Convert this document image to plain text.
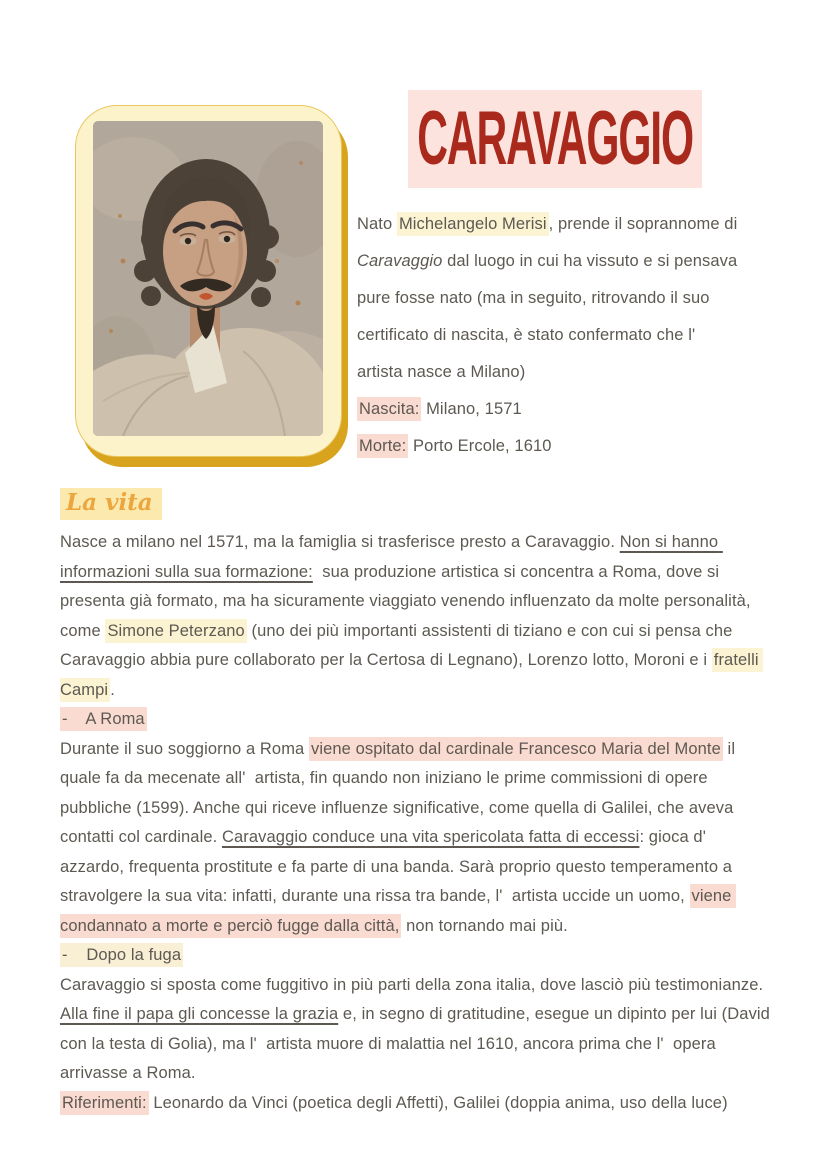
CARAVAGGIO

Nato Michelangelo Merisi , prende il soprannome di Caravaggio dal luogo in cui ha vissuto e si pensava pure fosse nato (ma in seguito, ritrovando il suo certificato di nascita, è stato confermato che l'  artista nasce a Milano)

Nascita: Milano, 1571

Morte: Porto Ercole, 1610

La vita

Nasce a milano nel 1571, ma la famiglia si trasferisce presto a Caravaggio. Non si hanno informazioni sulla sua formazione:  sua produzione artistica si concentra a Roma, dove si presenta già formato, ma ha sicuramente viaggiato venendo influenzato da molte personalità, come Simone Peterzano (uno dei più importanti assistenti di tiziano e con cui si pensa che Caravaggio abbia pure collaborato per la Certosa di Legnano), Lorenzo lotto, Moroni e i fratelli Campi .

-    A Roma

Durante il suo soggiorno a Roma viene ospitato dal cardinale Francesco Maria del Monte il quale fa da mecenate all'  artista, fin quando non iniziano le prime commissioni di opere pubbliche (1599). Anche qui riceve influenze significative, come quella di Galilei, che aveva contatti col cardinale. Caravaggio conduce una vita spericolata fatta di eccessi: gioca d'  azzardo, frequenta prostitute e fa parte di una banda. Sarà proprio questo temperamento a stravolgere la sua vita: infatti, durante una rissa tra bande, l'  artista uccide un uomo, viene condannato a morte e perciò fugge dalla città, non tornando mai più.

-    Dopo la fuga

Caravaggio si sposta come fuggitivo in più parti della zona italia, dove lasciò più testimonianze. Alla fine il papa gli concesse la grazia e, in segno di gratitudine, esegue un dipinto per lui (David con la testa di Golia), ma l'  artista muore di malattia nel 1610, ancora prima che l'  opera arrivasse a Roma.

Riferimenti: Leonardo da Vinci (poetica degli Affetti), Galilei (doppia anima, uso della luce)
